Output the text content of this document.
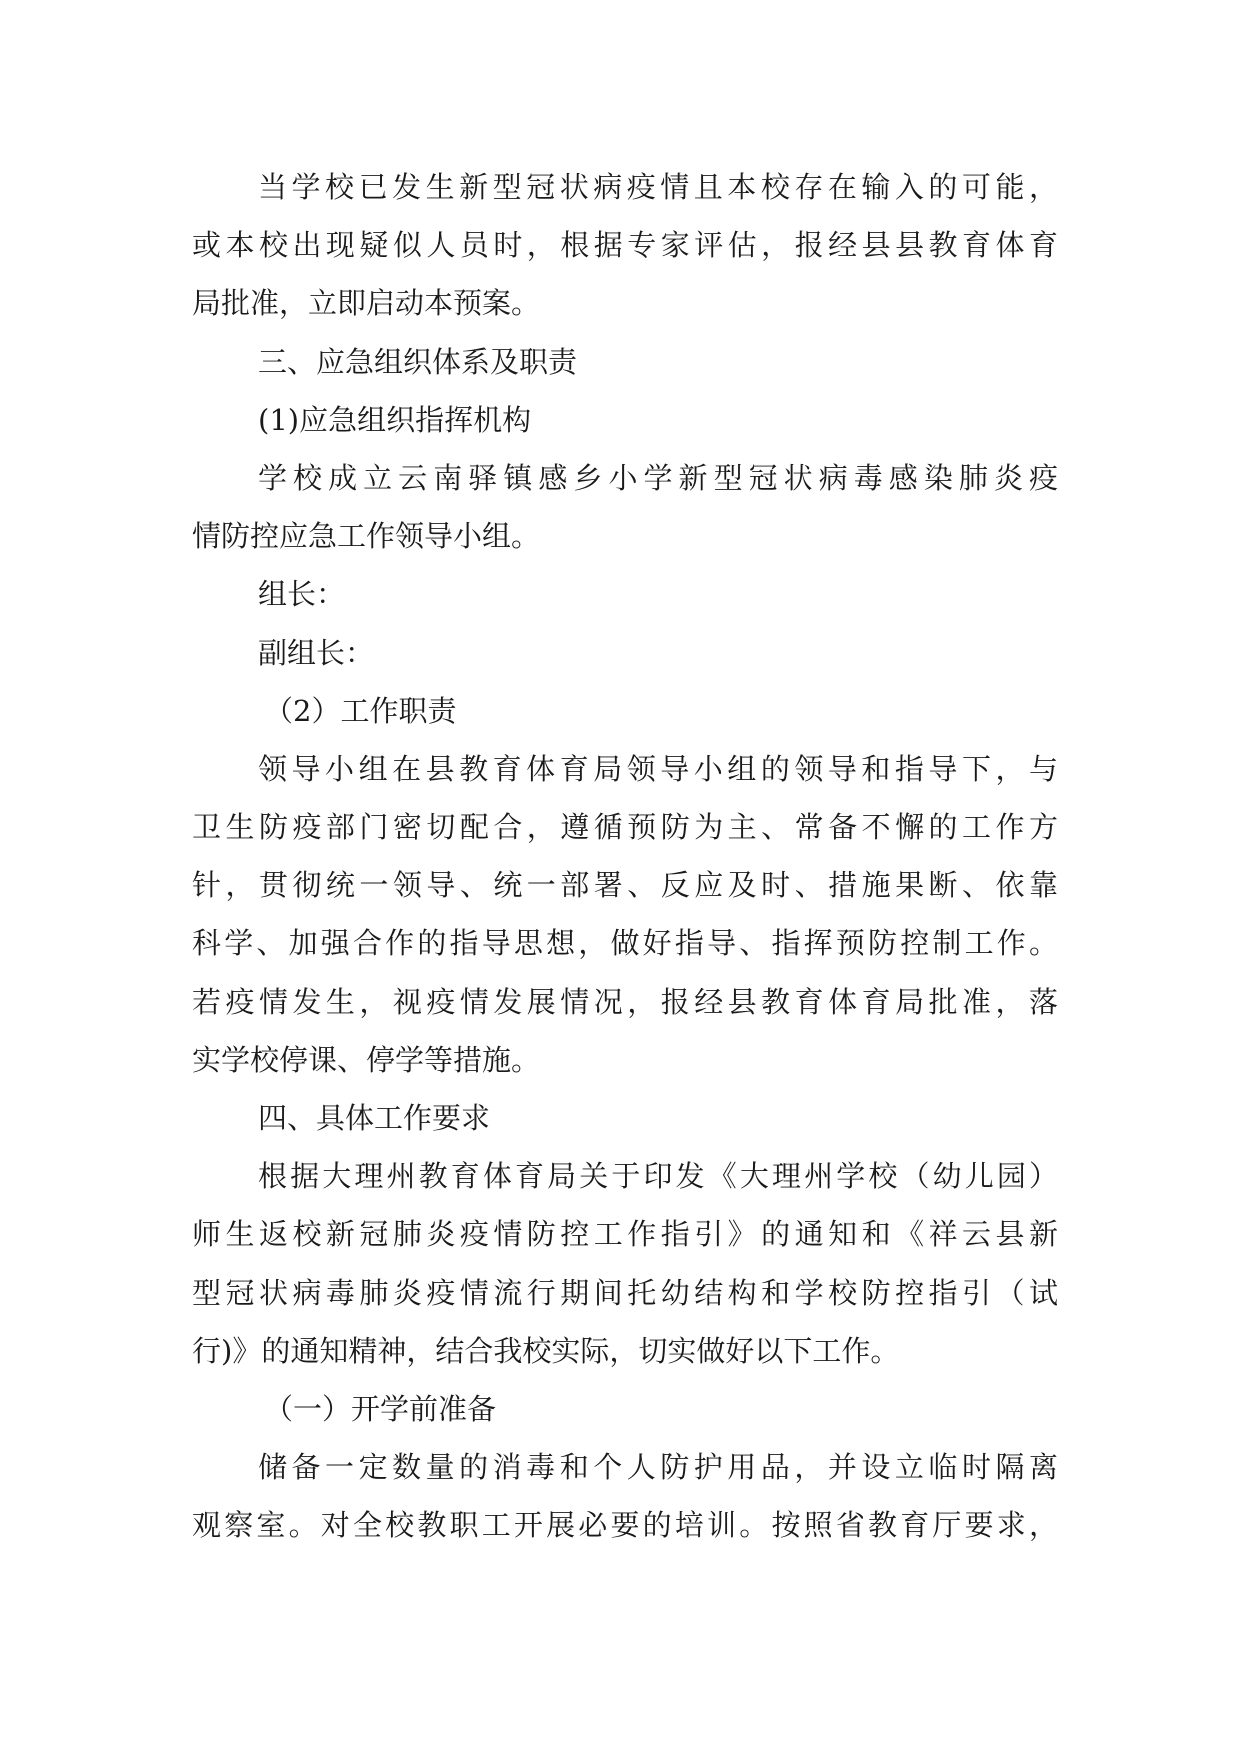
当学校已发生新型冠状病疫情且本校存在输入的可能，
或本校出现疑似人员时，根据专家评估，报经县县教育体育
局批准，立即启动本预案。
三、应急组织体系及职责
(1)应急组织指挥机构
学校成立云南驿镇感乡小学新型冠状病毒感染肺炎疫
情防控应急工作领导小组。
组长：
副组长：
（2）工作职责
领导小组在县教育体育局领导小组的领导和指导下，与
卫生防疫部门密切配合，遵循预防为主、常备不懈的工作方
针，贯彻统一领导、统一部署、反应及时、措施果断、依靠
科学、加强合作的指导思想，做好指导、指挥预防控制工作。
若疫情发生，视疫情发展情况，报经县教育体育局批准，落
实学校停课、停学等措施。
四、具体工作要求
根据大理州教育体育局关于印发《大理州学校（幼儿园）
师生返校新冠肺炎疫情防控工作指引》的通知和《祥云县新
型冠状病毒肺炎疫情流行期间托幼结构和学校防控指引（试
行)》的通知精神，结合我校实际，切实做好以下工作。
（一）开学前准备
储备一定数量的消毒和个人防护用品，并设立临时隔离
观察室。对全校教职工开展必要的培训。按照省教育厅要求，
